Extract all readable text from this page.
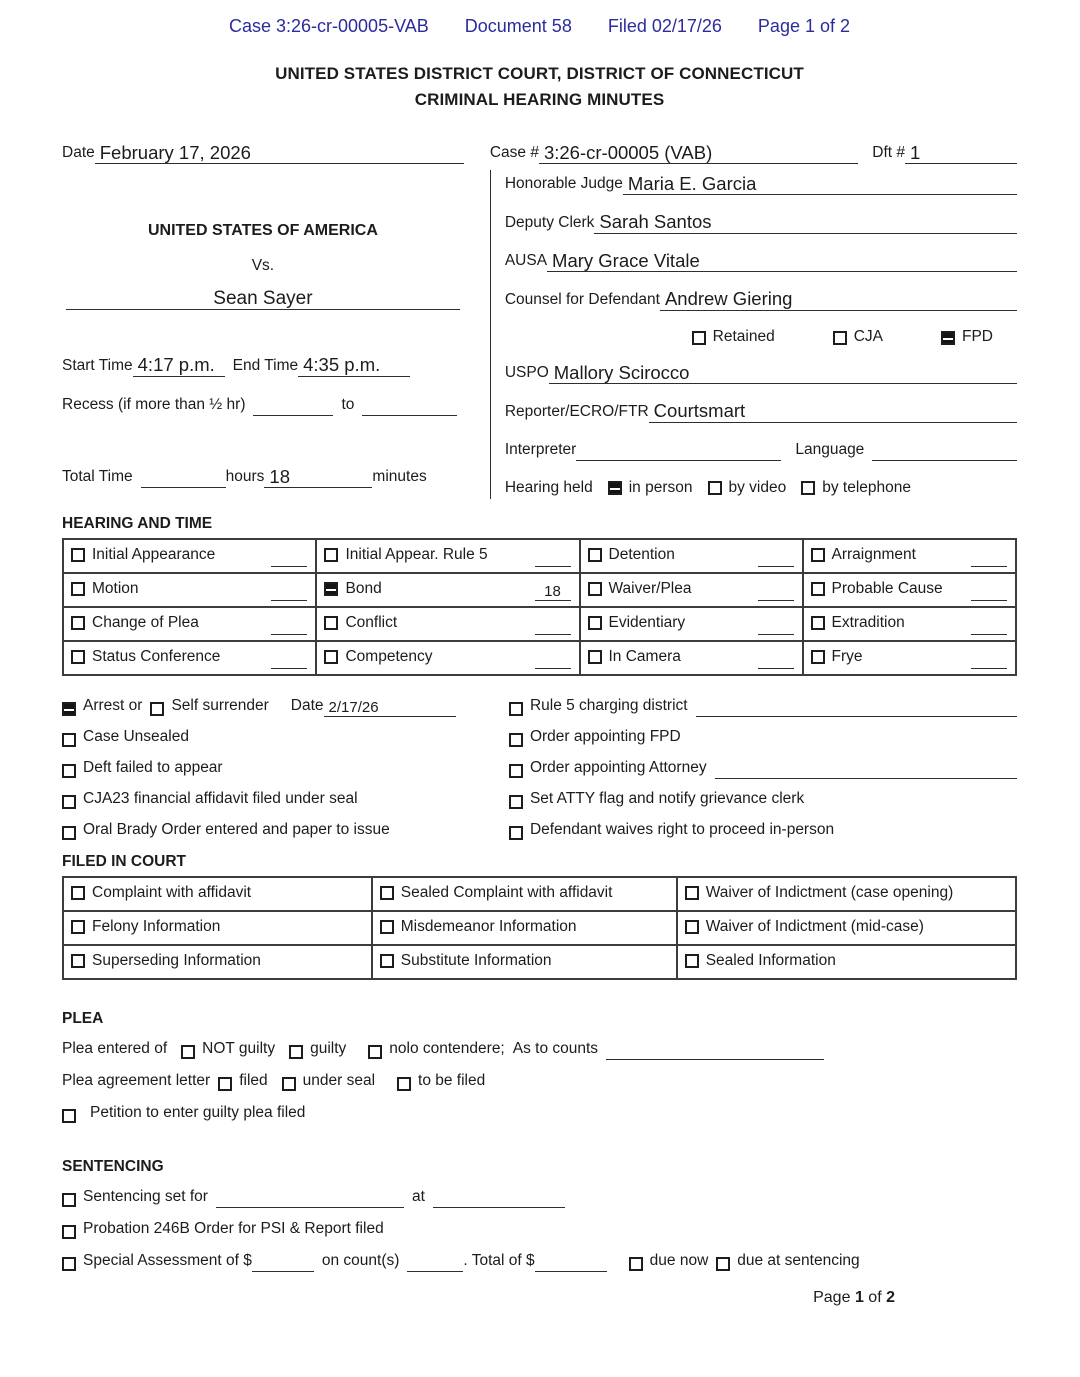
Case 3:26-cr-00005-VAB Document 58 Filed 02/17/26 Page 1 of 2
UNITED STATES DISTRICT COURT, DISTRICT OF CONNECTICUT
CRIMINAL HEARING MINUTES
Date February 17, 2026	Case # 3:26-cr-00005 (VAB)	Dft # 1
UNITED STATES OF AMERICA
Vs.
Sean Sayer
Start Time 4:17 p.m.	End Time 4:35 p.m.
Recess (if more than ½ hr)	to
Total Time	hours 18	minutes
Honorable Judge Maria E. Garcia
Deputy Clerk Sarah Santos
AUSA Mary Grace Vitale
Counsel for Defendant Andrew Giering
Retained	CJA	FPD
USPO Mallory Scirocco
Reporter/ECRO/FTR Courtsmart
Interpreter	Language
Hearing held in person by video by telephone
HEARING AND TIME
Initial Appearance	Initial Appear. Rule 5	Detention	Arraignment

Motion	Bond 18	Waiver/Plea	Probable Cause

Change of Plea	Conflict	Evidentiary	Extradition

Status Conference	Competency	In Camera	Frye
Arrest or Self surrender Date 2/17/26
Case Unsealed
Deft failed to appear
CJA23 financial affidavit filed under seal
Oral Brady Order entered and paper to issue
Rule 5 charging district
Order appointing FPD
Order appointing Attorney
Set ATTY flag and notify grievance clerk
Defendant waives right to proceed in-person
FILED IN COURT
Complaint with affidavit	Sealed Complaint with affidavit	Waiver of Indictment (case opening)

Felony Information	Misdemeanor Information	Waiver of Indictment (mid-case)

Superseding Information	Substitute Information	Sealed Information
PLEA
Plea entered of NOT guilty guilty	nolo contendere; As to counts
Plea agreement letter filed under seal	to be filed
Petition to enter guilty plea filed
SENTENCING
Sentencing set for	at
Probation 246B Order for PSI & Report filed
Special Assessment of $	on count(s)	. Total of $	due now due at sentencing
Page 1 of 2
